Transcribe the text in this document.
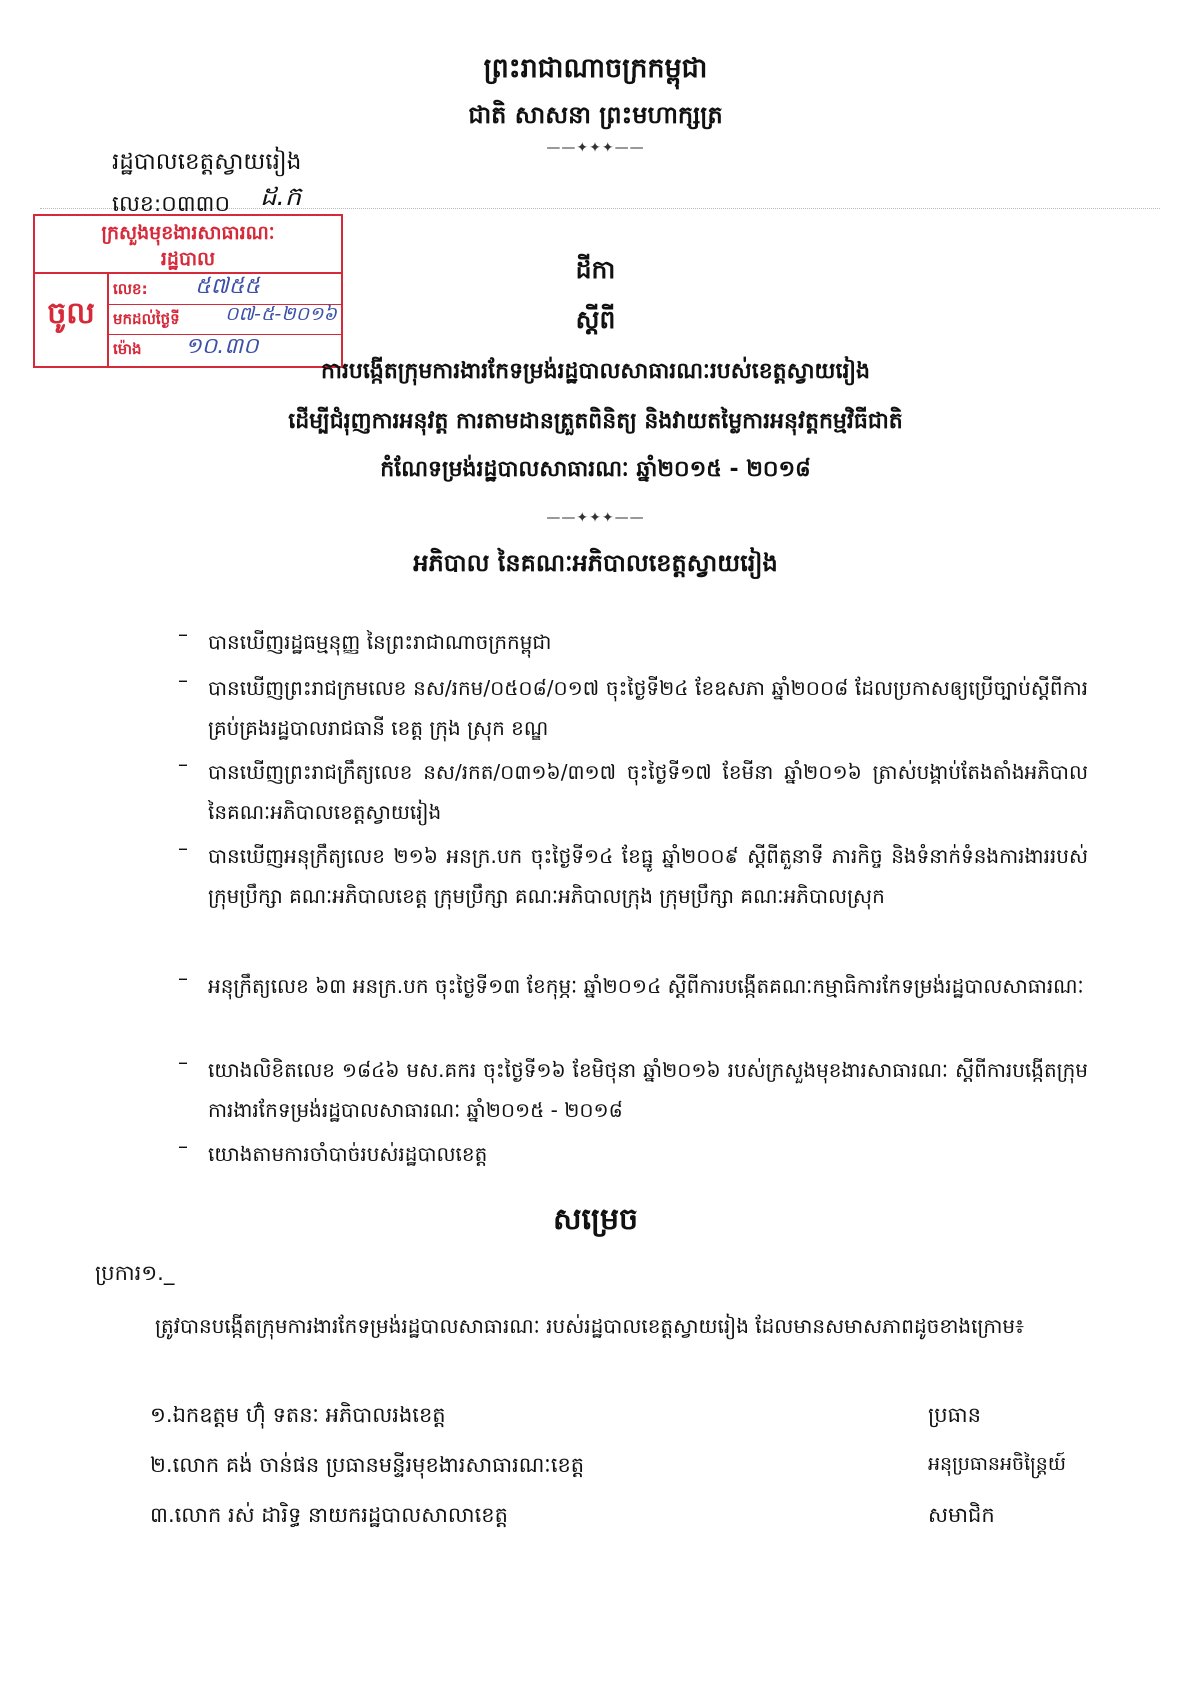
ព្រះរាជាណាចក្រកម្ពុជា
ជាតិ សាសនា ព្រះមហាក្សត្រ
——✦✦✦——
រដ្ឋបាលខេត្តស្វាយរៀង
លេខ:០៣៣០ ដ.ក
ក្រសួងមុខងារសាធារណៈ
រដ្ឋបាល
ចូល
លេខ: ៥៧៥៥
មកដល់ថ្ងៃទី ០៧-៥-២០១៦
ម៉ោង ១០.៣០
ដីកា
ស្តីពី
ការបង្កើតក្រុមការងារកែទម្រង់រដ្ឋបាលសាធារណៈរបស់ខេត្តស្វាយរៀង
ដើម្បីជំរុញការអនុវត្ត ការតាមដានត្រួតពិនិត្យ និងវាយតម្លៃការអនុវត្តកម្មវិធីជាតិ
កំណែទម្រង់រដ្ឋបាលសាធារណៈ ឆ្នាំ២០១៥ - ២០១៨
——✦✦✦——
អភិបាល នៃគណៈអភិបាលខេត្តស្វាយរៀង
– បានឃើញរដ្ឋធម្មនុញ្ញ នៃព្រះរាជាណាចក្រកម្ពុជា
– បានឃើញព្រះរាជក្រមលេខ នស/រកម/០៥០៨/០១៧ ចុះថ្ងៃទី២៤ ខែឧសភា ឆ្នាំ២០០៨ ដែលប្រកាសឲ្យប្រើច្បាប់ស្តីពីការគ្រប់គ្រងរដ្ឋបាលរាជធានី ខេត្ត ក្រុង ស្រុក ខណ្ឌ
– បានឃើញព្រះរាជក្រឹត្យលេខ នស/រកត/០៣១៦/៣១៧ ចុះថ្ងៃទី១៧ ខែមីនា ឆ្នាំ២០១៦ ត្រាស់បង្គាប់តែងតាំងអភិបាល នៃគណៈអភិបាលខេត្តស្វាយរៀង
– បានឃើញអនុក្រឹត្យលេខ ២១៦ អនក្រ.បក ចុះថ្ងៃទី១៤ ខែធ្នូ ឆ្នាំ២០០៩ ស្តីពីតួនាទី ភារកិច្ច និងទំនាក់ទំនងការងាររបស់ក្រុមប្រឹក្សា គណៈអភិបាលខេត្ត ក្រុមប្រឹក្សា គណៈអភិបាលក្រុង ក្រុមប្រឹក្សា គណៈអភិបាលស្រុក
– អនុក្រឹត្យលេខ ៦៣ អនក្រ.បក ចុះថ្ងៃទី១៣ ខែកុម្ភៈ ឆ្នាំ២០១៤ ស្តីពីការបង្កើតគណៈកម្មាធិការកែទម្រង់រដ្ឋបាលសាធារណៈ
– យោងលិខិតលេខ ១៨៤៦ មស.គករ ចុះថ្ងៃទី១៦ ខែមិថុនា ឆ្នាំ២០១៦ របស់ក្រសួងមុខងារសាធារណៈ ស្តីពីការបង្កើតក្រុមការងារកែទម្រង់រដ្ឋបាលសាធារណៈ ឆ្នាំ២០១៥ - ២០១៨
– យោងតាមការចាំបាច់របស់រដ្ឋបាលខេត្ត
សម្រេច
ប្រការ១._
ត្រូវបានបង្កើតក្រុមការងារកែទម្រង់រដ្ឋបាលសាធារណៈ របស់រដ្ឋបាលខេត្តស្វាយរៀង ដែលមានសមាសភាពដូចខាងក្រោម៖
១.ឯកឧត្តម ហ៊ុំ ទតនៈ អភិបាលរងខេត្ត	ប្រធាន
២.លោក គង់ ចាន់ផន ប្រធានមន្ទីរមុខងារសាធារណៈខេត្ត	អនុប្រធានអចិន្ត្រៃយ៍
៣.លោក រស់ ដារិទ្ធ នាយករដ្ឋបាលសាលាខេត្ត	សមាជិក
